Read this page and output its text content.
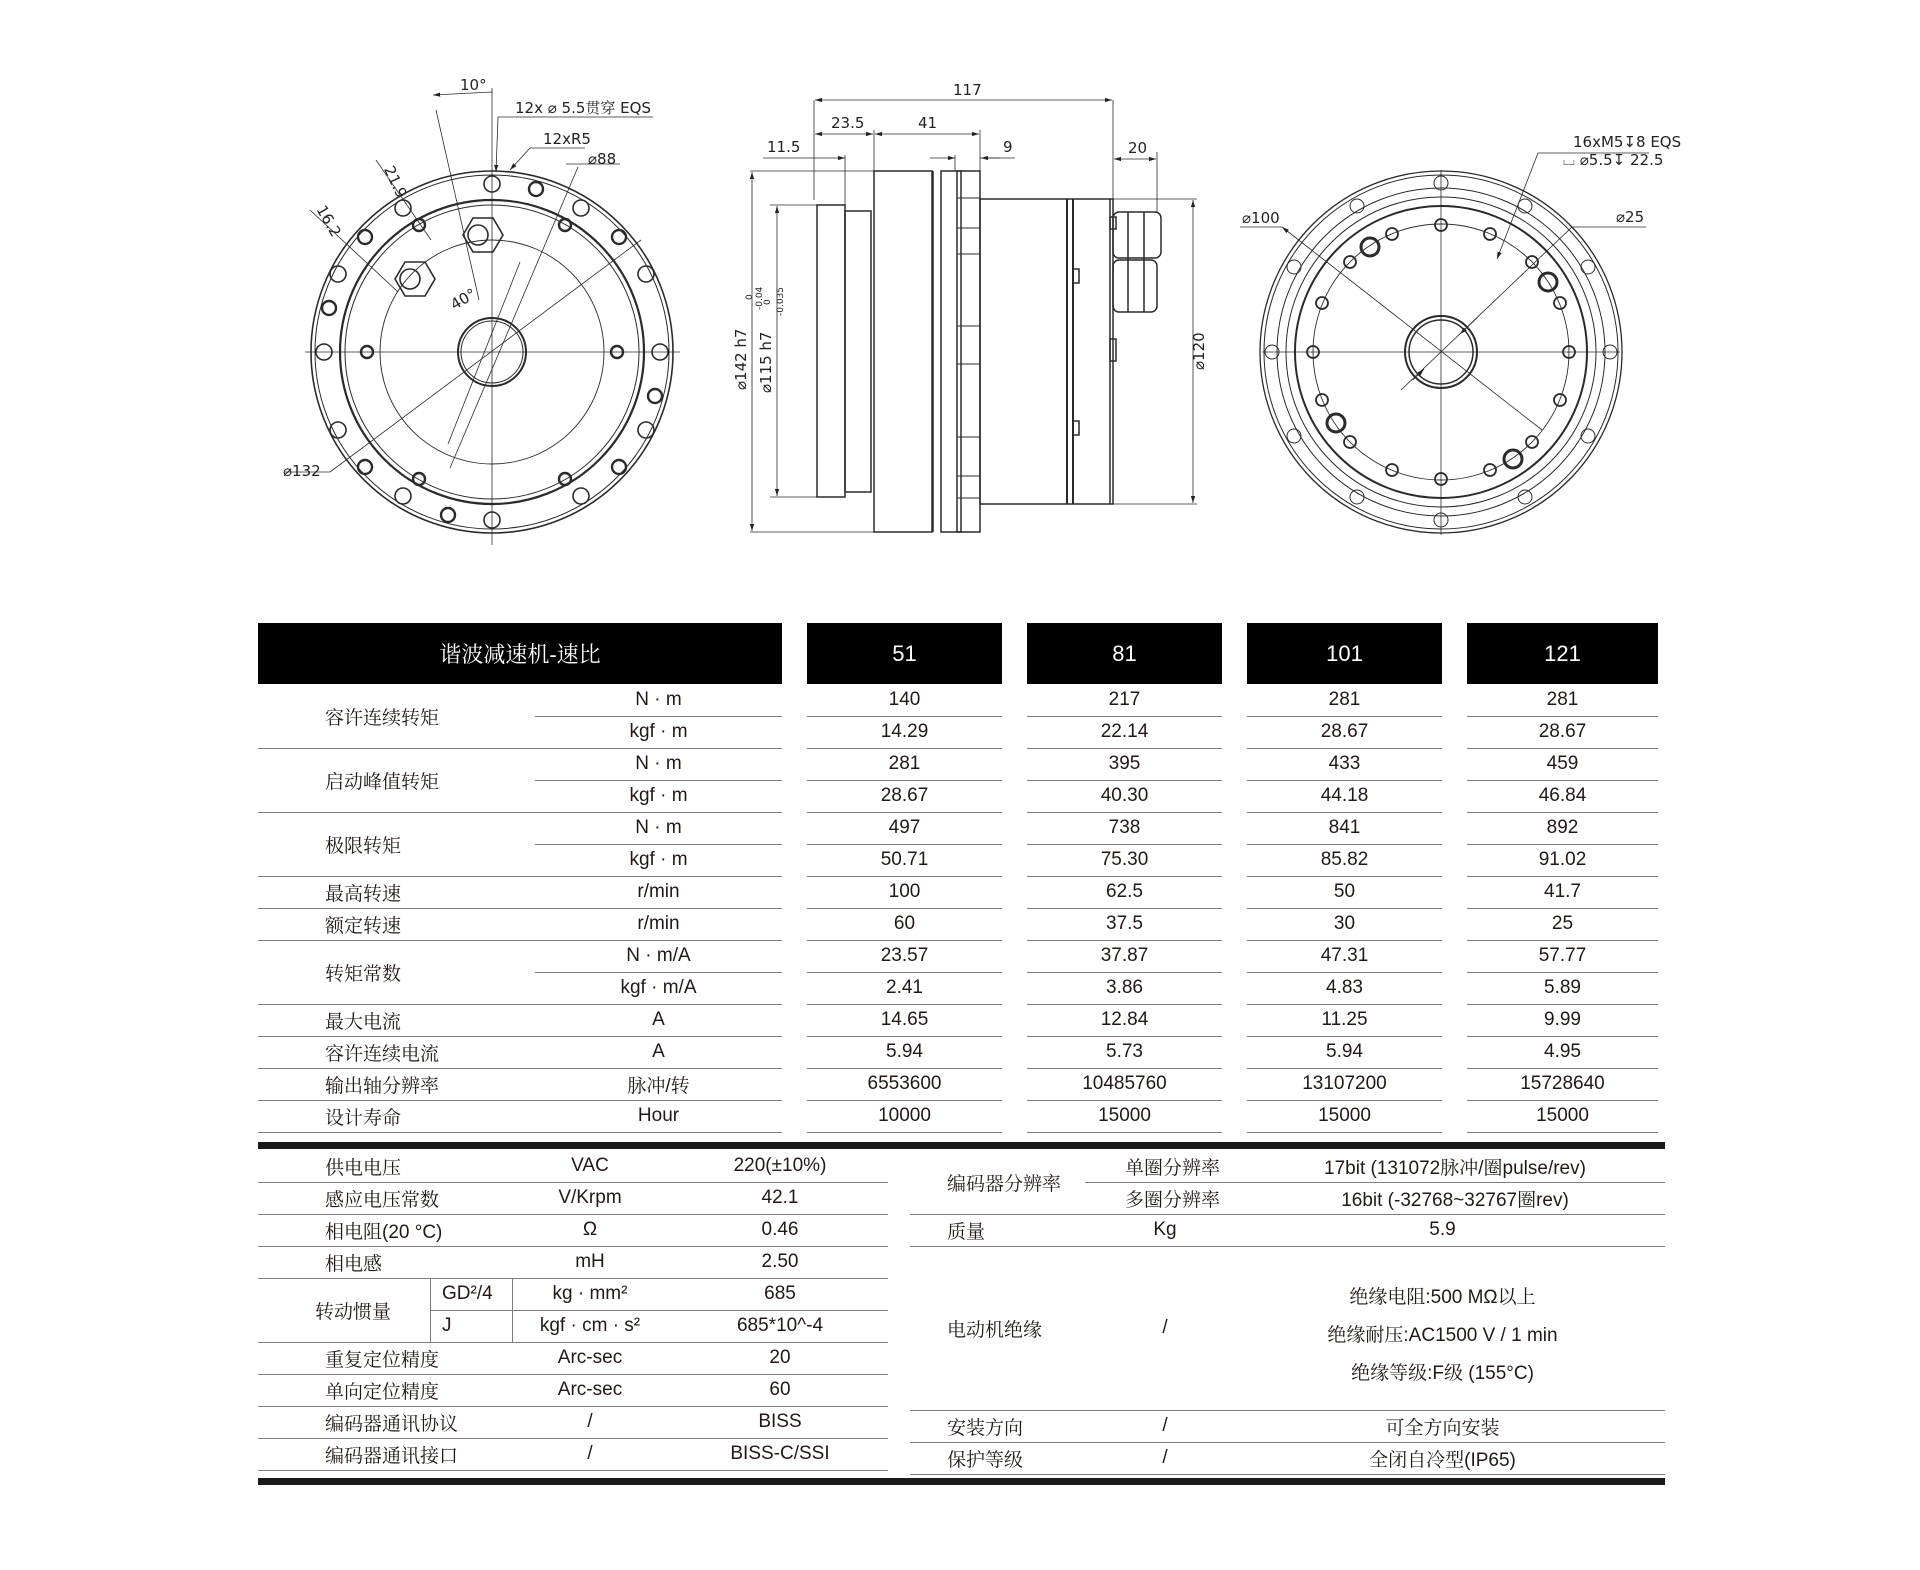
10°
12x ⌀ 5.5贯穿 EQS
12xR5
⌀88
21.9
16.2
40°
⌀132
117
23.5	41
11.5	9	20
⌀142 h7
0 -0.04
⌀115 h7
0 -0.035
⌀120
16xM5↧8 EQS
⌴ ⌀5.5↧ 22.5
⌀100	⌀25
谐波减速机-速比	51	81	101	121
容许连续转矩
N · m	140	217	281	281
kgf · m	14.29	22.14	28.67	28.67
启动峰值转矩
N · m	281	395	433	459
kgf · m	28.67	40.30	44.18	46.84
极限转矩
N · m	497	738	841	892
kgf · m	50.71	75.30	85.82	91.02
最高转速	r/min	100	62.5	50	41.7
额定转速	r/min	60	37.5	30	25
转矩常数
N · m/A	23.57	37.87	47.31	57.77
kgf · m/A	2.41	3.86	4.83	5.89
最大电流	A	14.65	12.84	11.25	9.99
容许连续电流	A	5.94	5.73	5.94	4.95
输出轴分辨率	脉冲/转	6553600	10485760	13107200	15728640
设计寿命	Hour	10000	15000	15000	15000
供电电压	VAC	220(±10%)
感应电压常数	V/Krpm	42.1
相电阻(20 °C)	Ω	0.46
相电感	mH	2.50
转动惯量
GD²/4	kg · mm²	685
J	kgf · cm · s²	685*10^-4
重复定位精度	Arc-sec	20
单向定位精度	Arc-sec	60
编码器通讯协议	/	BISS
编码器通讯接口	/	BISS-C/SSI
编码器分辨率
单圈分辨率	17bit (131072脉冲/圈pulse/rev)
多圈分辨率	16bit (-32768~32767圈rev)
质量	Kg	5.9
电动机绝缘	/
绝缘电阻:500 MΩ以上
绝缘耐压:AC1500 V / 1 min
绝缘等级:F级 (155°C)
安装方向	/	可全方向安装
保护等级	/	全闭自冷型(IP65)
